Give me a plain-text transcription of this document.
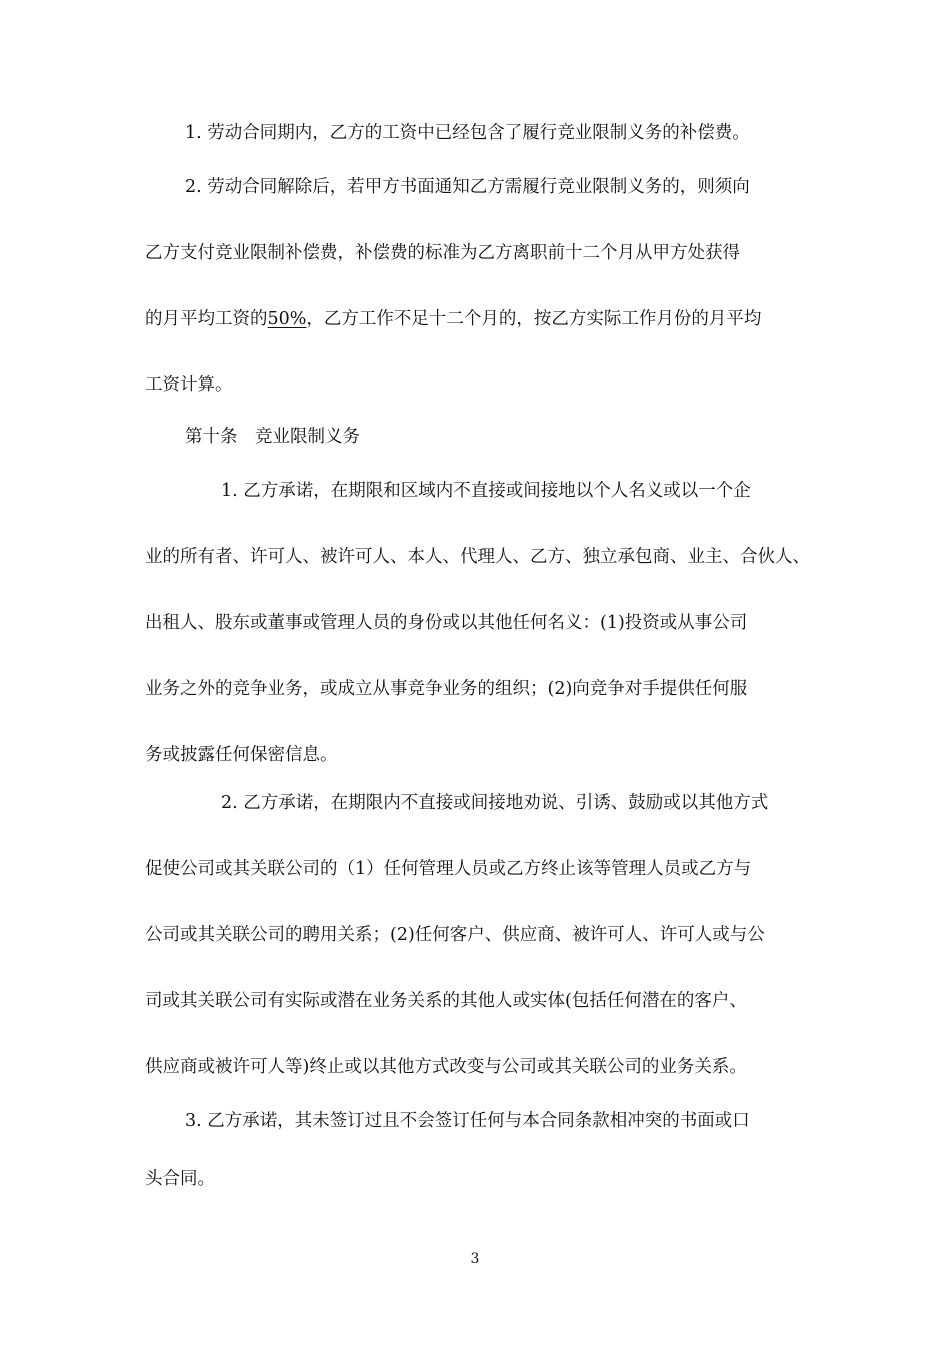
1. 劳动合同期内，乙方的工资中已经包含了履行竞业限制义务的补偿费。
2. 劳动合同解除后，若甲方书面通知乙方需履行竞业限制义务的，则须向
乙方支付竞业限制补偿费，补偿费的标准为乙方离职前十二个月从甲方处获得
的月平均工资的50%，乙方工作不足十二个月的，按乙方实际工作月份的月平均
工资计算。
第十条　竞业限制义务
1. 乙方承诺，在期限和区域内不直接或间接地以个人名义或以一个企
业的所有者、许可人、被许可人、本人、代理人、乙方、独立承包商、业主、合伙人、
出租人、股东或董事或管理人员的身份或以其他任何名义：(1)投资或从事公司
业务之外的竞争业务，或成立从事竞争业务的组织；(2)向竞争对手提供任何服
务或披露任何保密信息。
2. 乙方承诺，在期限内不直接或间接地劝说、引诱、鼓励或以其他方式
促使公司或其关联公司的（1）任何管理人员或乙方终止该等管理人员或乙方与
公司或其关联公司的聘用关系；(2)任何客户、供应商、被许可人、许可人或与公
司或其关联公司有实际或潜在业务关系的其他人或实体(包括任何潜在的客户、
供应商或被许可人等)终止或以其他方式改变与公司或其关联公司的业务关系。
3. 乙方承诺，其未签订过且不会签订任何与本合同条款相冲突的书面或口
头合同。
3
